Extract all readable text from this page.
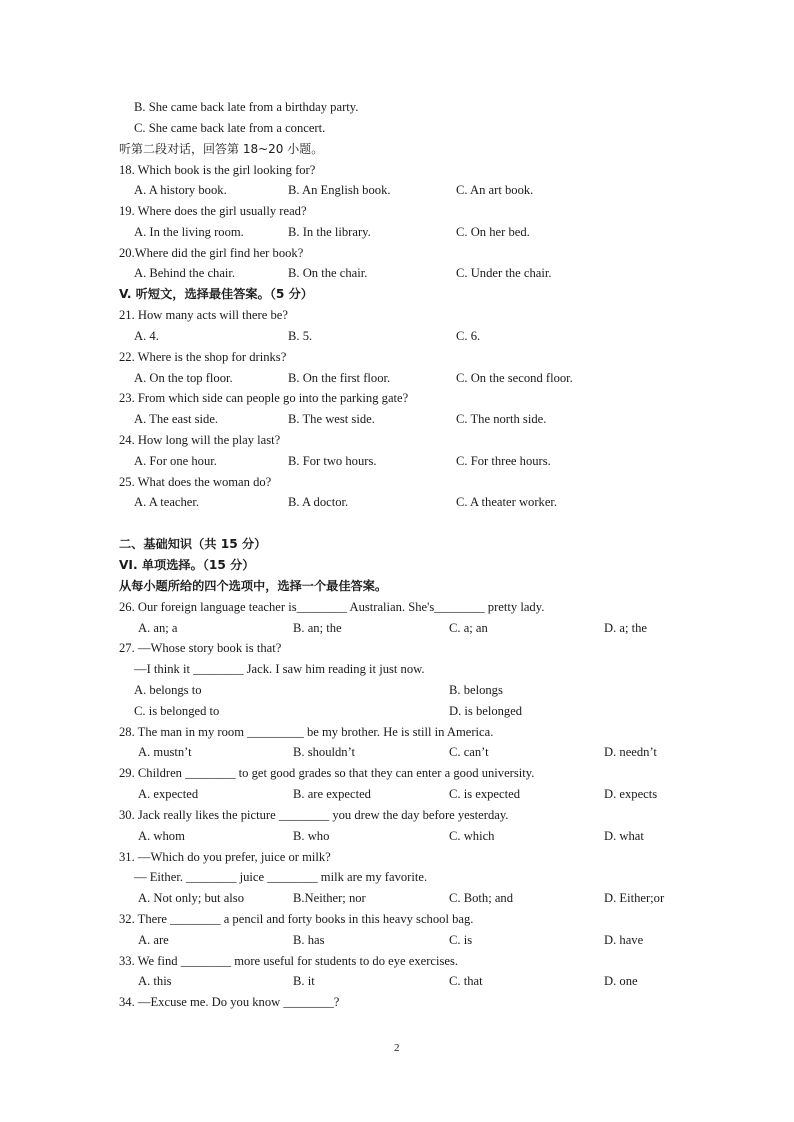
B. She came back late from a birthday party.
C. She came back late from a concert.
听第二段对话，回答第 18~20 小题。
18. Which book is the girl looking for?
A. A history book.	B. An English book.	C. An art book.
19. Where does the girl usually read?
A. In the living room.	B. In the library.	C. On her bed.
20.Where did the girl find her book?
A. Behind the chair.	B. On the chair.	C. Under the chair.
V. 听短文，选择最佳答案。（5 分）
21. How many acts will there be?
A. 4.	B. 5.	C. 6.
22. Where is the shop for drinks?
A. On the top floor.	B. On the first floor.	C. On the second floor.
23. From which side can people go into the parking gate?
A. The east side.	B. The west side.	C. The north side.
24. How long will the play last?
A. For one hour.	B. For two hours.	C. For three hours.
25. What does the woman do?
A. A teacher.	B. A doctor.	C. A theater worker.
二、基础知识（共 15 分）
VI. 单项选择。（15 分）
从每小题所给的四个选项中，选择一个最佳答案。
26. Our foreign language teacher is________ Australian. She's________ pretty lady.
A. an; a	B. an; the	C. a; an	D. a; the
27. —Whose story book is that?
—I think it ________ Jack. I saw him reading it just now.
A. belongs to	B. belongs
C. is belonged to	D. is belonged
28. The man in my room _________ be my brother. He is still in America.
A. mustn’t	B. shouldn’t	C. can’t	D. needn’t
29. Children ________ to get good grades so that they can enter a good university.
A. expected	B. are expected	C. is expected	D. expects
30. Jack really likes the picture ________ you drew the day before yesterday.
A. whom	B. who	C. which	D. what
31. —Which do you prefer, juice or milk?
— Either. ________ juice ________ milk are my favorite.
A. Not only; but also	B.Neither; nor	C. Both; and	D. Either;or
32. There ________ a pencil and forty books in this heavy school bag.
A. are	B. has	C. is	D. have
33. We find ________ more useful for students to do eye exercises.
A. this	B. it	C. that	D. one
34. —Excuse me. Do you know ________?
2
